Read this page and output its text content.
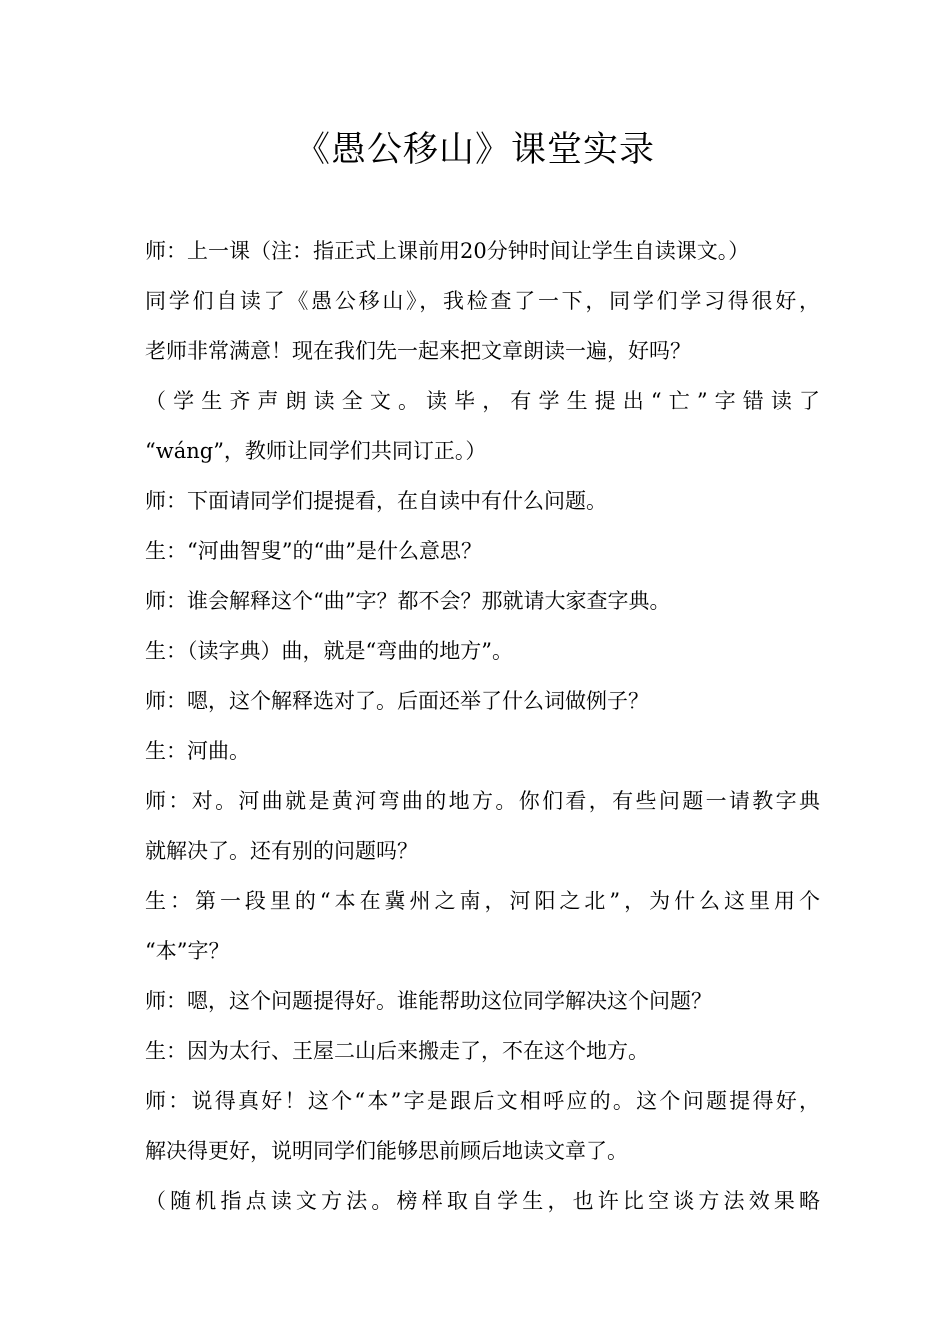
《愚公移山》课堂实录
师：上一课（注：指正式上课前用20分钟时间让学生自读课文。）
同学们自读了《愚公移山》，我检查了一下，同学们学习得很好，
老师非常满意！现在我们先一起来把文章朗读一遍，好吗？
（学生齐声朗读全文。读毕，有学生提出“亡”字错读了
“wáng”，教师让同学们共同订正。）
师：下面请同学们提提看，在自读中有什么问题。
生：“河曲智叟”的“曲”是什么意思？
师：谁会解释这个“曲”字？都不会？那就请大家查字典。
生：（读字典）曲，就是“弯曲的地方”。
师：嗯，这个解释选对了。后面还举了什么词做例子？
生：河曲。
师：对。河曲就是黄河弯曲的地方。你们看，有些问题一请教字典
就解决了。还有别的问题吗？
生：第一段里的“本在冀州之南，河阳之北”，为什么这里用个
“本”字？
师：嗯，这个问题提得好。谁能帮助这位同学解决这个问题？
生：因为太行、王屋二山后来搬走了，不在这个地方。
师：说得真好！这个“本”字是跟后文相呼应的。这个问题提得好，
解决得更好，说明同学们能够思前顾后地读文章了。
（随机指点读文方法。榜样取自学生，也许比空谈方法效果略
